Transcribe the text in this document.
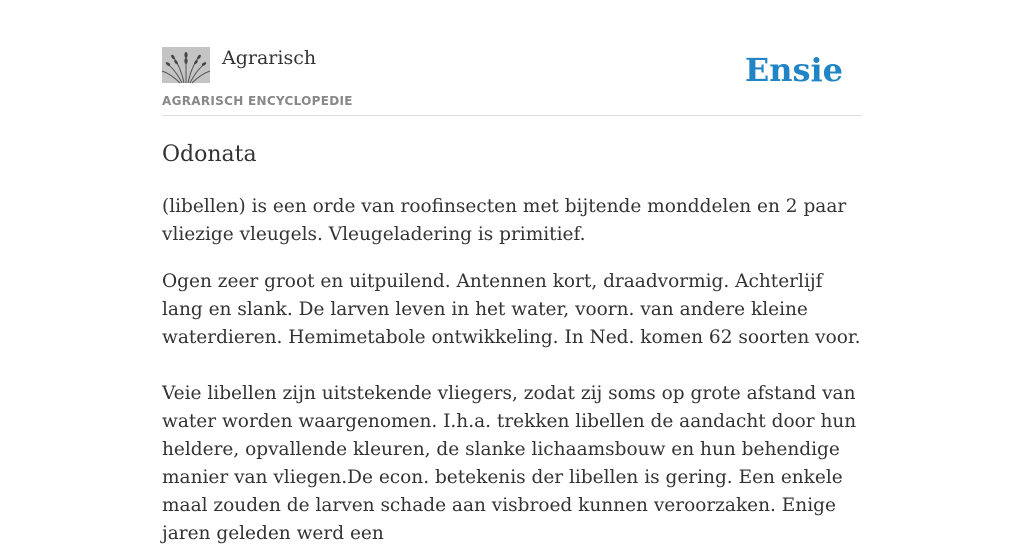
Agrarisch	Ensie
AGRARISCH ENCYCLOPEDIE
Odonata

(libellen) is een orde van roofinsecten met bijtende monddelen en 2 paar vliezige vleugels. Vleugeladering is primitief.

Ogen zeer groot en uitpuilend. Antennen kort, draadvormig. Achterlijf lang en slank. De larven leven in het water, voorn. van andere kleine waterdieren. Hemimetabole ontwikkeling. In Ned. komen 62 soorten voor.

Veie libellen zijn uitstekende vliegers, zodat zij soms op grote afstand van water worden waargenomen. I.h.a. trekken libellen de aandacht door hun heldere, opvallende kleuren, de slanke lichaamsbouw en hun behendige manier van vliegen.De econ. betekenis der libellen is gering. Een enkele maal zouden de larven schade aan visbroed kunnen veroorzaken. Enige jaren geleden werd een
